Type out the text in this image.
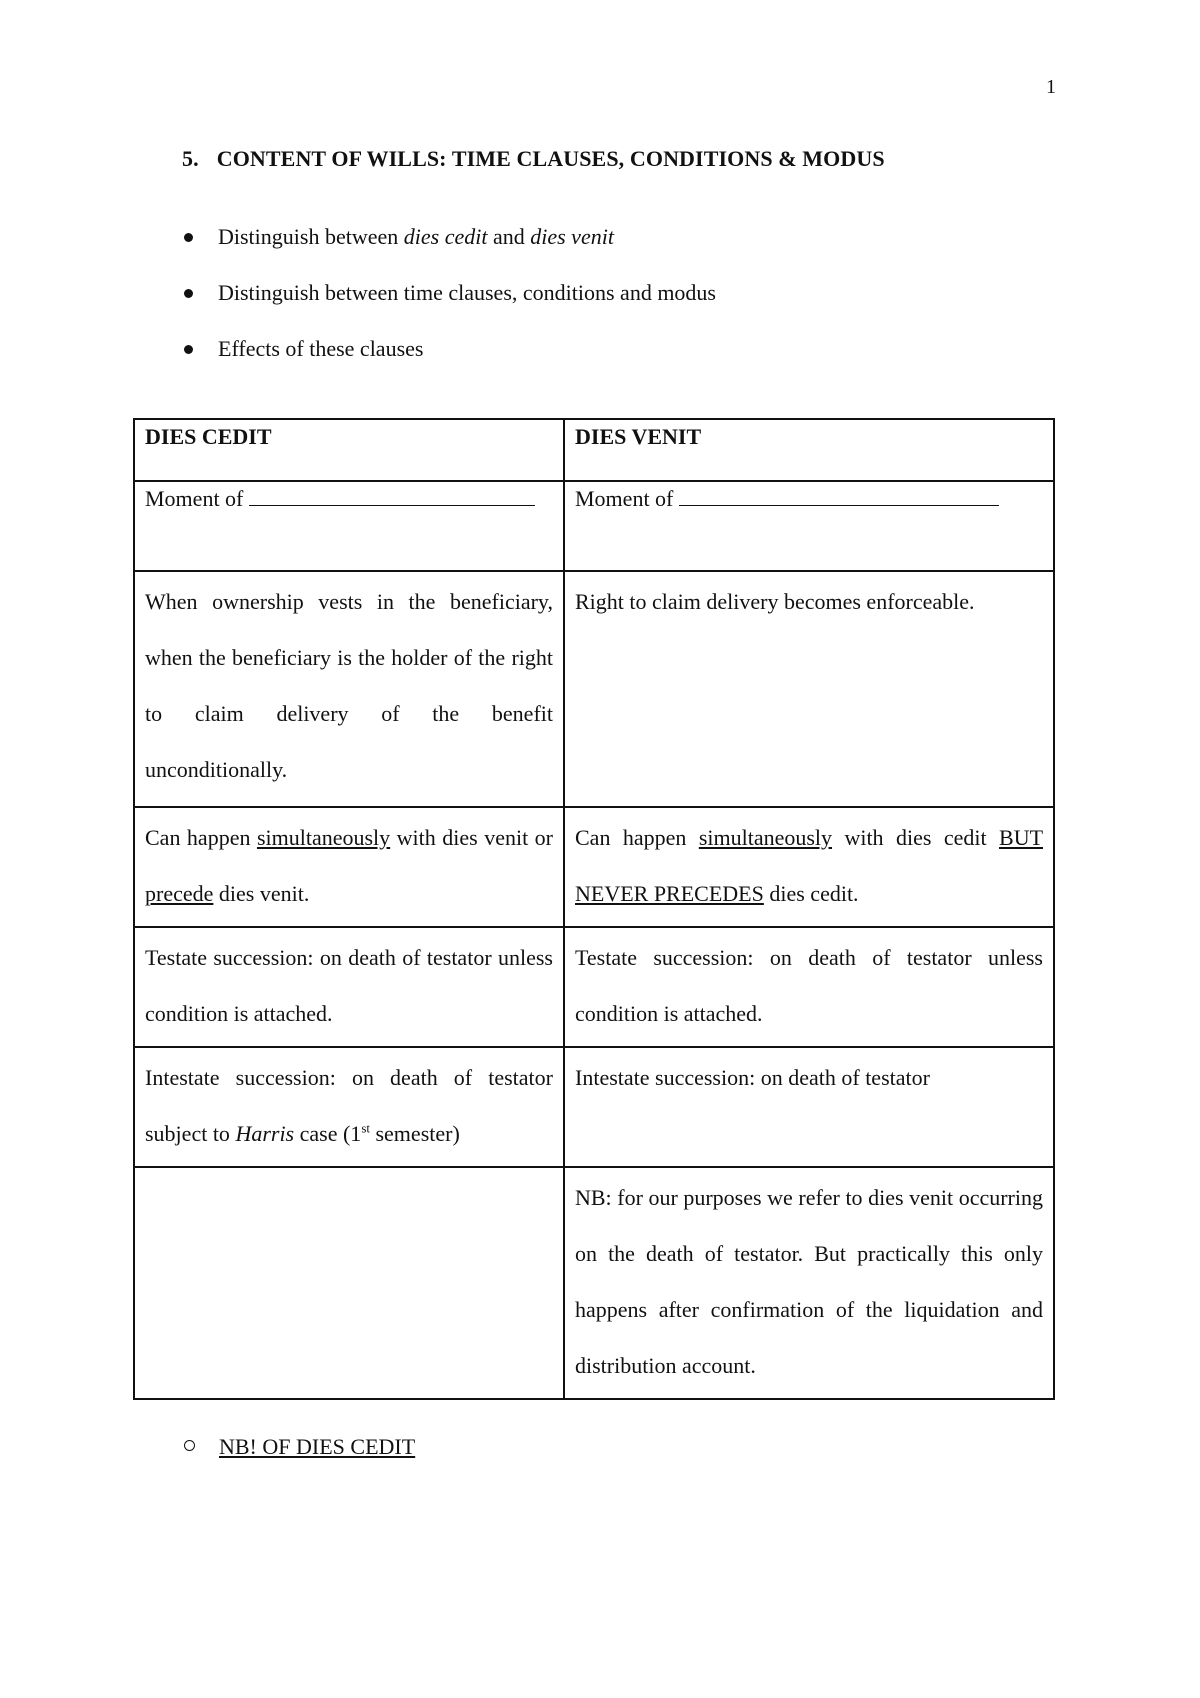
1
5. CONTENT OF WILLS: TIME CLAUSES, CONDITIONS & MODUS
Distinguish between dies cedit and dies venit
Distinguish between time clauses, conditions and modus
Effects of these clauses
DIES CEDIT	DIES VENIT
Moment of	Moment of
When ownership vests in the beneficiary, when the beneficiary is the holder of the right to claim delivery of the benefit unconditionally.	Right to claim delivery becomes enforceable.
Can happen simultaneously with dies venit or precede dies venit.	Can happen simultaneously with dies cedit BUT NEVER PRECEDES dies cedit.
Testate succession: on death of testator unless condition is attached.	Testate succession: on death of testator unless condition is attached.
Intestate succession: on death of testator subject to Harris case (1st semester)	Intestate succession: on death of testator
	NB: for our purposes we refer to dies venit occurring on the death of testator. But practically this only happens after confirmation of the liquidation and distribution account.
NB! OF DIES CEDIT
